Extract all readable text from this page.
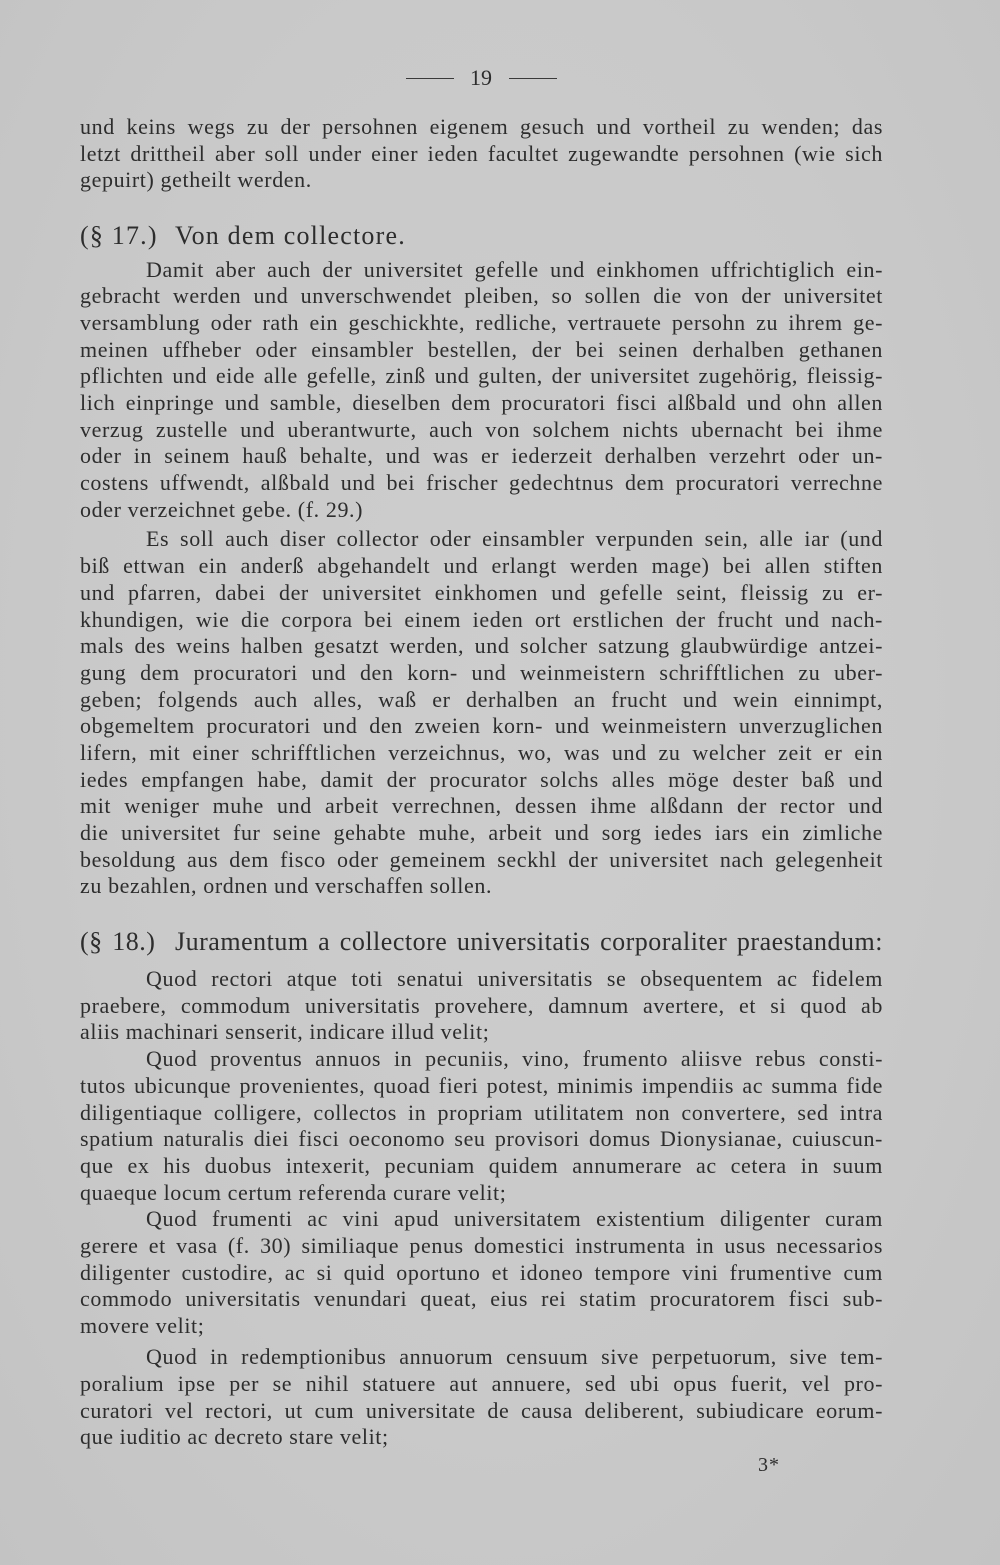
19
und keins wegs zu der persohnen eigenem gesuch und vortheil zu wenden; das
letzt drittheil aber soll under einer ieden facultet zugewandte persohnen (wie sich
gepuirt) getheilt werden.
(§ 17.) Von dem collectore.
Damit aber auch der universitet gefelle und einkhomen uffrichtiglich ein-
gebracht werden und unverschwendet pleiben, so sollen die von der universitet
versamblung oder rath ein geschickhte, redliche, vertrauete persohn zu ihrem ge-
meinen uffheber oder einsambler bestellen, der bei seinen derhalben gethanen
pflichten und eide alle gefelle, zinß und gulten, der universitet zugehörig, fleissig-
lich einpringe und samble, dieselben dem procuratori fisci alßbald und ohn allen
verzug zustelle und uberantwurte, auch von solchem nichts ubernacht bei ihme
oder in seinem hauß behalte, und was er iederzeit derhalben verzehrt oder un-
costens uffwendt, alßbald und bei frischer gedechtnus dem procuratori verrechne
oder verzeichnet gebe. (f. 29.)
Es soll auch diser collector oder einsambler verpunden sein, alle iar (und
biß ettwan ein anderß abgehandelt und erlangt werden mage) bei allen stiften
und pfarren, dabei der universitet einkhomen und gefelle seint, fleissig zu er-
khundigen, wie die corpora bei einem ieden ort erstlichen der frucht und nach-
mals des weins halben gesatzt werden, und solcher satzung glaubwürdige antzei-
gung dem procuratori und den korn- und weinmeistern schrifftlichen zu uber-
geben; folgends auch alles, waß er derhalben an frucht und wein einnimpt,
obgemeltem procuratori und den zweien korn- und weinmeistern unverzuglichen
lifern, mit einer schrifftlichen verzeichnus, wo, was und zu welcher zeit er ein
iedes empfangen habe, damit der procurator solchs alles möge dester baß und
mit weniger muhe und arbeit verrechnen, dessen ihme alßdann der rector und
die universitet fur seine gehabte muhe, arbeit und sorg iedes iars ein zimliche
besoldung aus dem fisco oder gemeinem seckhl der universitet nach gelegenheit
zu bezahlen, ordnen und verschaffen sollen.
(§ 18.) Juramentum a collectore universitatis corporaliter praestandum:
Quod rectori atque toti senatui universitatis se obsequentem ac fidelem
praebere, commodum universitatis provehere, damnum avertere, et si quod ab
aliis machinari senserit, indicare illud velit;
Quod proventus annuos in pecuniis, vino, frumento aliisve rebus consti-
tutos ubicunque provenientes, quoad fieri potest, minimis impendiis ac summa fide
diligentiaque colligere, collectos in propriam utilitatem non convertere, sed intra
spatium naturalis diei fisci oeconomo seu provisori domus Dionysianae, cuiuscun-
que ex his duobus intexerit, pecuniam quidem annumerare ac cetera in suum
quaeque locum certum referenda curare velit;
Quod frumenti ac vini apud universitatem existentium diligenter curam
gerere et vasa (f. 30) similiaque penus domestici instrumenta in usus necessarios
diligenter custodire, ac si quid oportuno et idoneo tempore vini frumentive cum
commodo universitatis venundari queat, eius rei statim procuratorem fisci sub-
movere velit;
Quod in redemptionibus annuorum censuum sive perpetuorum, sive tem-
poralium ipse per se nihil statuere aut annuere, sed ubi opus fuerit, vel pro-
curatori vel rectori, ut cum universitate de causa deliberent, subiudicare eorum-
que iuditio ac decreto stare velit;
3*
